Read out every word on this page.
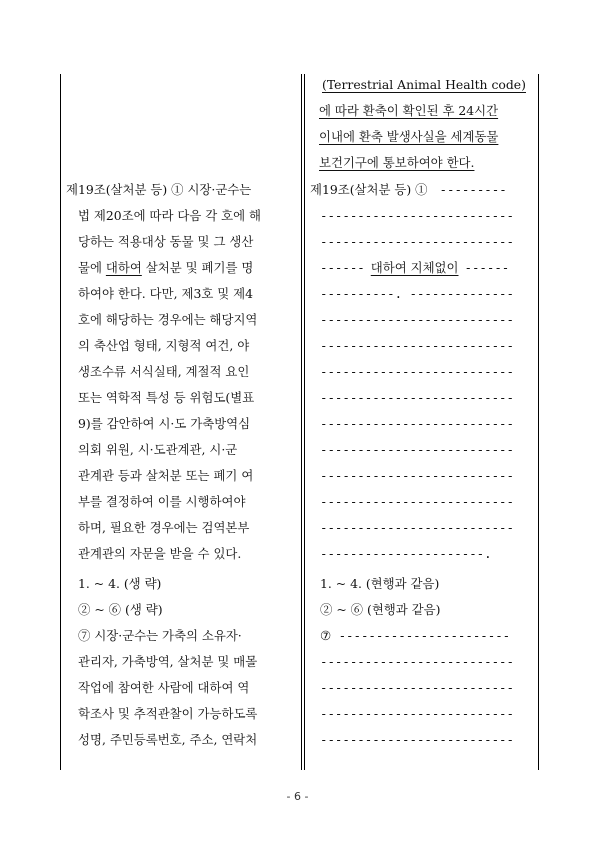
(Terrestrial Animal Health code)
에 따라 환축이 확인된 후 24시간
이내에 환축 발생사실을 세계동물
보건기구에 통보하여야 한다.
제19조(살처분 등) ① 시장·군수는
법 제20조에 따라 다음 각 호에 해
당하는 적용대상 동물 및 그 생산
물에 대하여 살처분 및 폐기를 명
하여야 한다. 다만, 제3호 및 제4
호에 해당하는 경우에는 해당지역
의 축산업 형태, 지형적 여건, 야
생조수류 서식실태, 계절적 요인
또는 역학적 특성 등 위험도(별표
9)를 감안하여 시·도 가축방역심
의회 위원, 시·도관계관, 시·군
관계관 등과 살처분 또는 폐기 여
부를 결정하여 이를 시행하여야
하며, 필요한 경우에는 검역본부
관계관의 자문을 받을 수 있다.
제19조(살처분 등) ① ---------
--------------------------
--------------------------
------ 대하여 지체없이 ------
----------. --------------
--------------------------
--------------------------
--------------------------
--------------------------
--------------------------
--------------------------
--------------------------
--------------------------
--------------------------
----------------------.
1. ~ 4. (생 략)
② ~ ⑥ (생 략)
⑦ 시장·군수는 가축의 소유자·
관리자, 가축방역, 살처분 및 매몰
작업에 참여한 사람에 대하여 역
학조사 및 추적관찰이 가능하도록
성명, 주민등록번호, 주소, 연락처
1. ~ 4. (현행과 같음)
② ~ ⑥ (현행과 같음)
⑦ -----------------------
--------------------------
--------------------------
--------------------------
--------------------------
- 6 -
